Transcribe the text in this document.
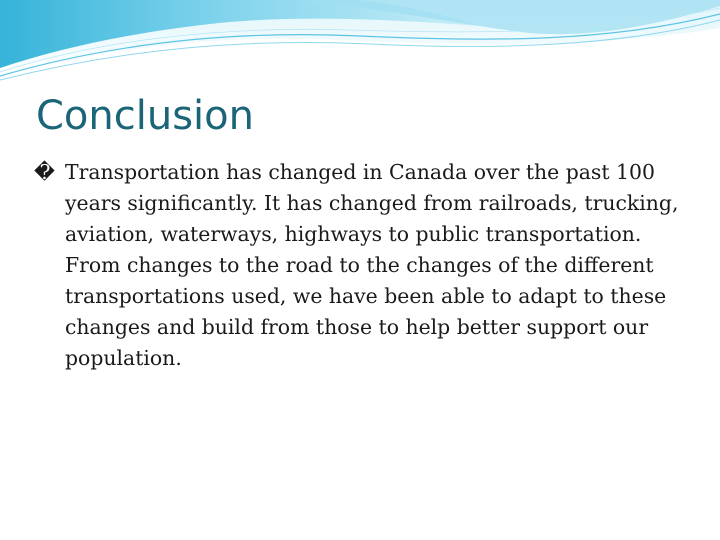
Conclusion

� Transportation has changed in Canada over the past 100 years significantly. It has changed from railroads, trucking, aviation, waterways, highways to public transportation. From changes to the road to the changes of the different transportations used, we have been able to adapt to these changes and build from those to help better support our population.
